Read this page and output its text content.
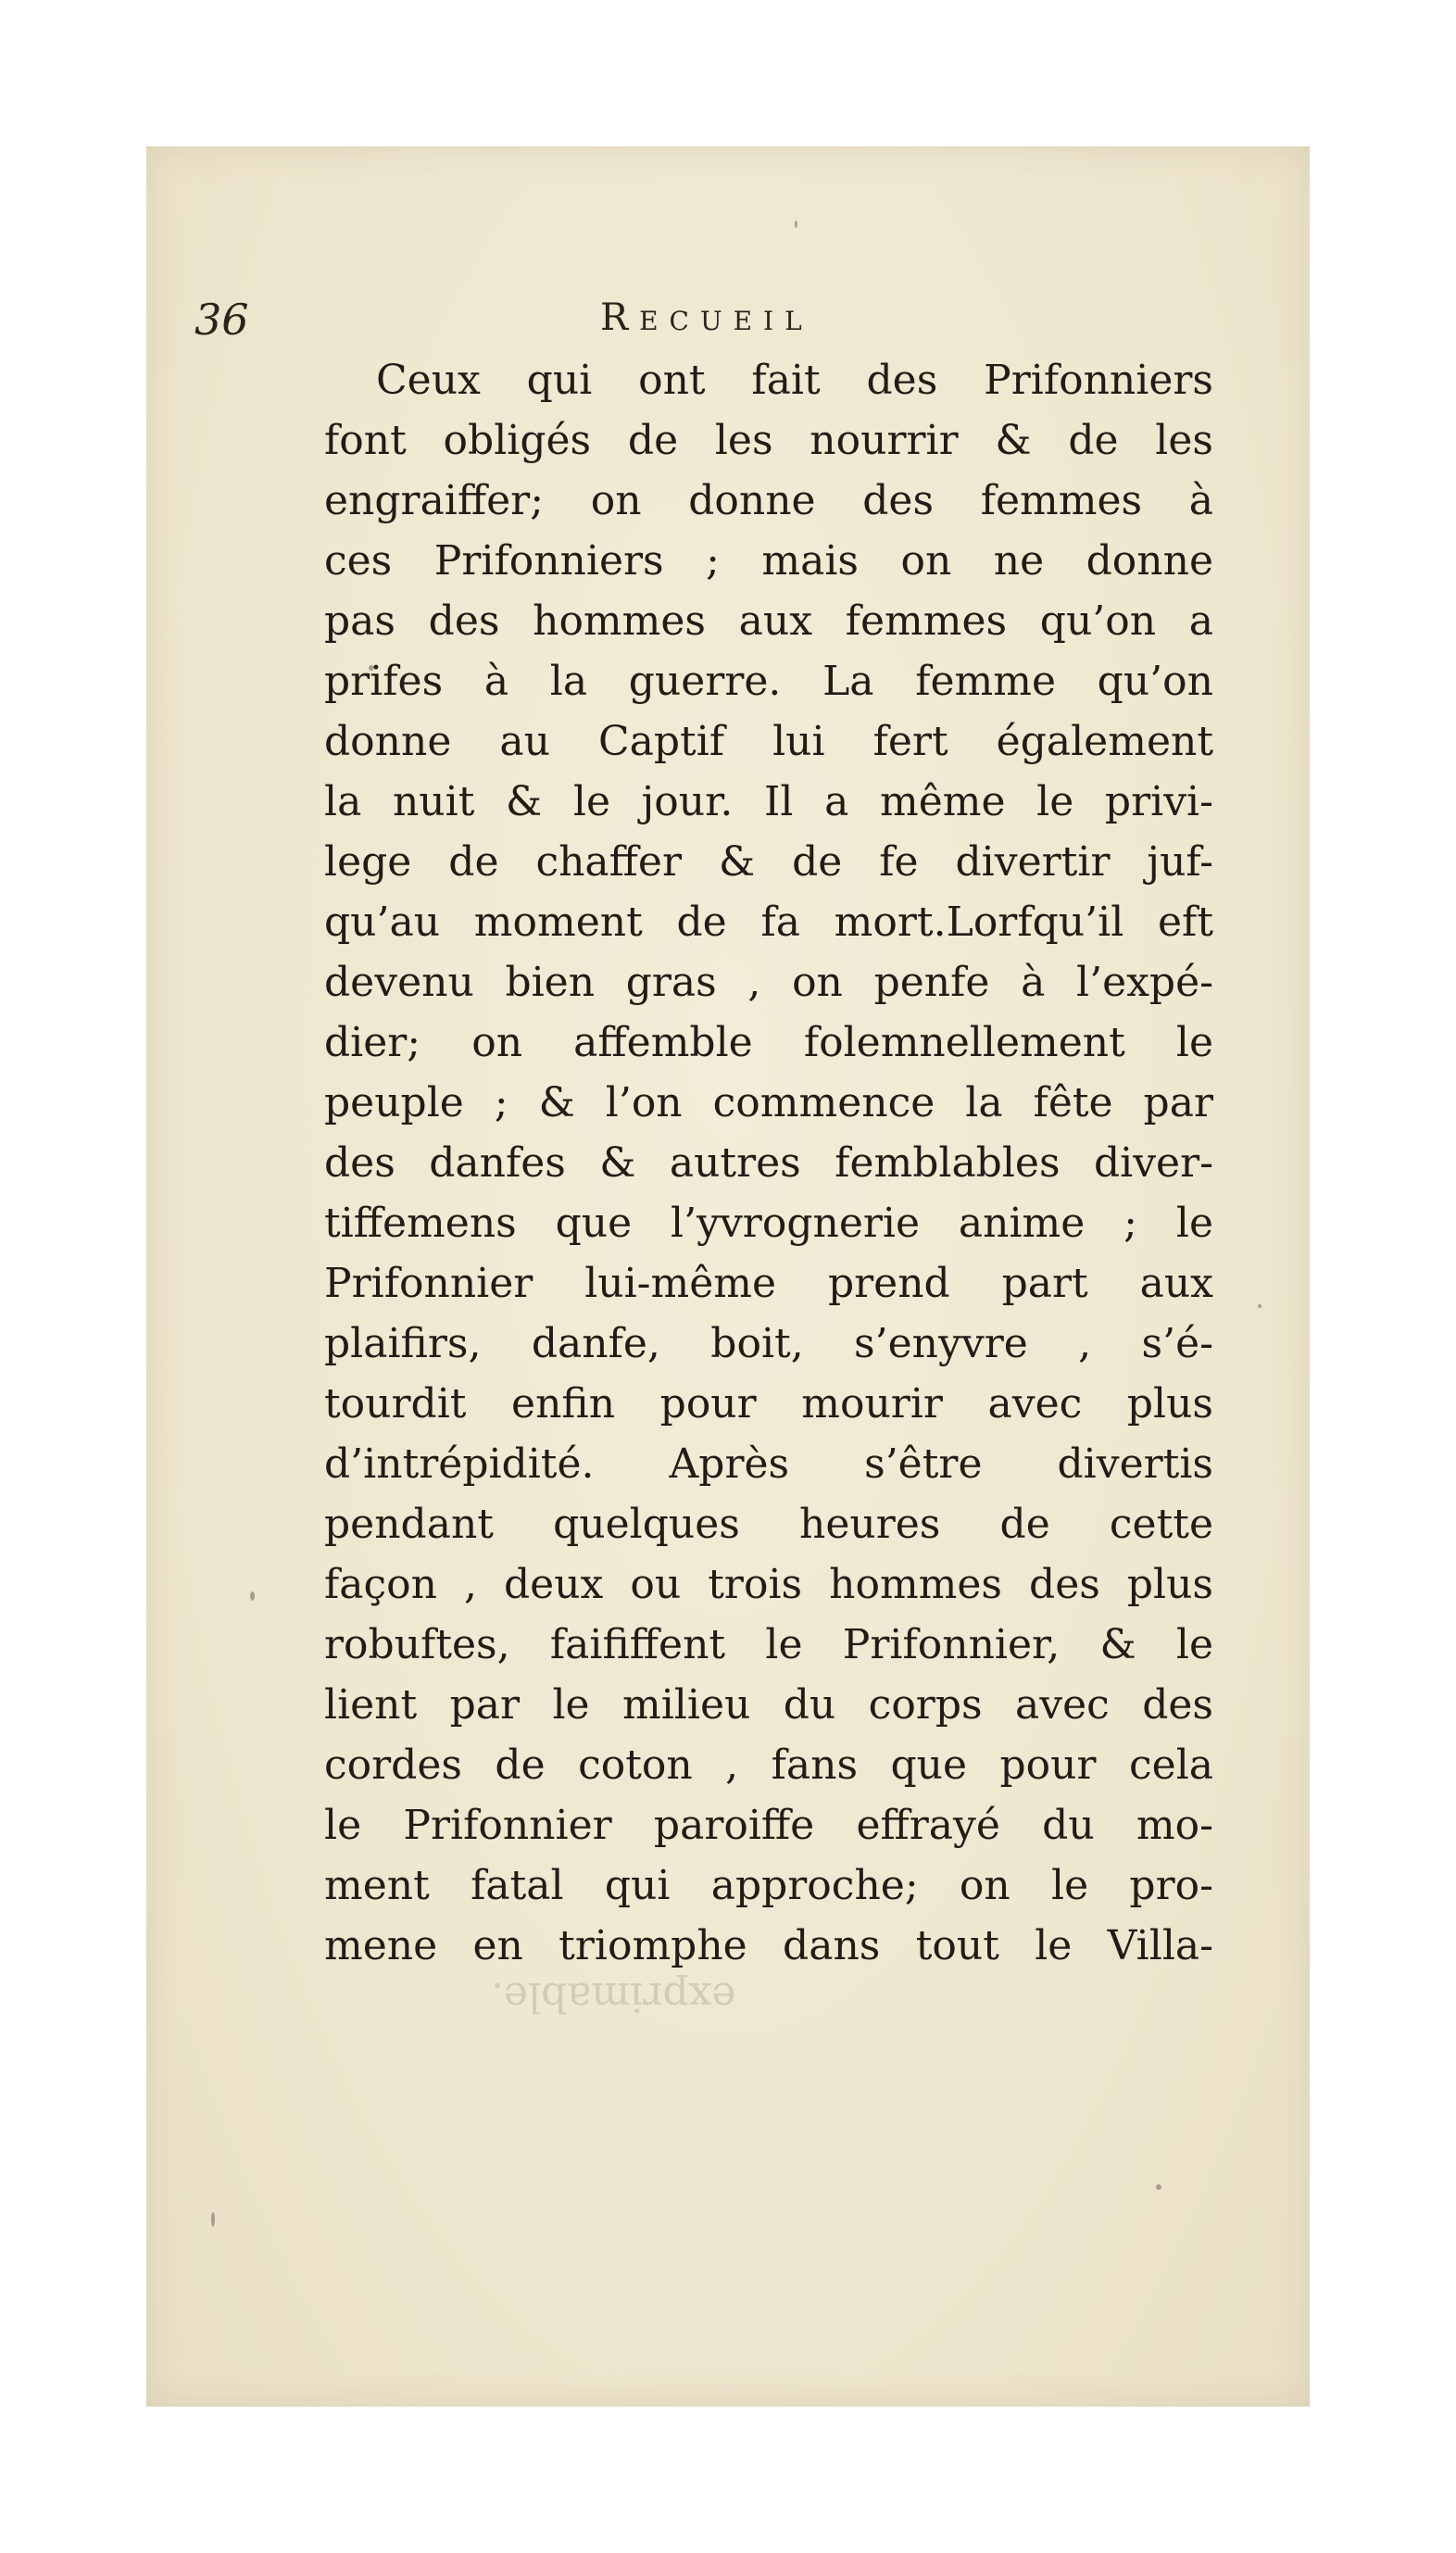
exprimable.
36	Recueil
Ceux qui ont fait des Prifonniers
font obligés de les nourrir & de les
engraiffer; on donne des femmes à
ces Prifonniers ; mais on ne donne
pas des hommes aux femmes qu’on a
prifes à la guerre. La femme qu’on
donne au Captif lui fert également
la nuit & le jour. Il a même le privi-
lege de chaffer & de fe divertir juf-
qu’au moment de fa mort.Lorfqu’il eft
devenu bien gras , on penfe à l’expé-
dier; on affemble folemnellement le
peuple ; & l’on commence la fête par
des danfes & autres femblables diver-
tiffemens que l’yvrognerie anime ; le
Prifonnier lui-même prend part aux
plaifirs, danfe, boit, s’enyvre , s’é-
tourdit enfin pour mourir avec plus
d’intrépidité. Après s’être divertis
pendant quelques heures de cette
façon , deux ou trois hommes des plus
robuftes, faififfent le Prifonnier, & le
lient par le milieu du corps avec des
cordes de coton , fans que pour cela
le Prifonnier paroiffe effrayé du mo-
ment fatal qui approche; on le pro-
mene en triomphe dans tout le Villa-
